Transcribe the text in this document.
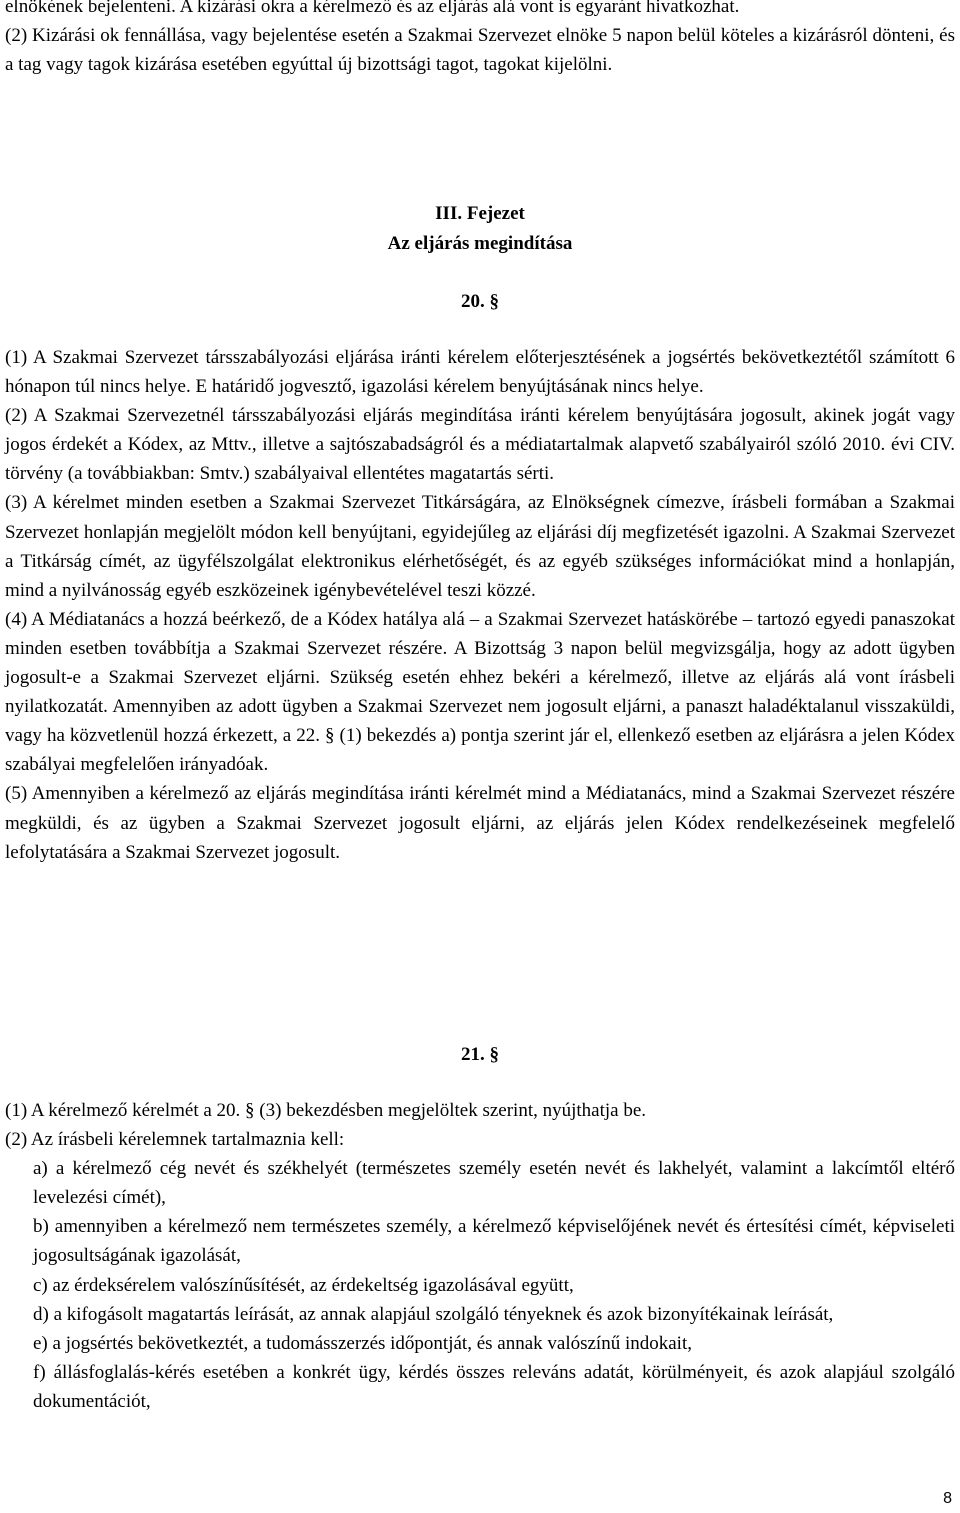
elnökének bejelenteni. A kizárási okra a kérelmező és az eljárás alá vont is egyaránt hivatkozhat.

(2) Kizárási ok fennállása, vagy bejelentése esetén a Szakmai Szervezet elnöke 5 napon belül köteles a kizárásról dönteni, és a tag vagy tagok kizárása esetében egyúttal új bizottsági tagot, tagokat kijelölni.

III. Fejezet
Az eljárás megindítása
20. §

(1) A Szakmai Szervezet társszabályozási eljárása iránti kérelem előterjesztésének a jogsértés bekövetkeztétől számított 6 hónapon túl nincs helye. E határidő jogvesztő, igazolási kérelem benyújtásának nincs helye.

(2) A Szakmai Szervezetnél társszabályozási eljárás megindítása iránti kérelem benyújtására jogosult, akinek jogát vagy jogos érdekét a Kódex, az Mttv., illetve a sajtószabadságról és a médiatartalmak alapvető szabályairól szóló 2010. évi CIV. törvény (a továbbiakban: Smtv.) szabályaival ellentétes magatartás sérti.

(3) A kérelmet minden esetben a Szakmai Szervezet Titkárságára, az Elnökségnek címezve, írásbeli formában a Szakmai Szervezet honlapján megjelölt módon kell benyújtani, egyidejűleg az eljárási díj megfizetését igazolni. A Szakmai Szervezet a Titkárság címét, az ügyfélszolgálat elektronikus elérhetőségét, és az egyéb szükséges információkat mind a honlapján, mind a nyilvánosság egyéb eszközeinek igénybevételével teszi közzé.

(4) A Médiatanács a hozzá beérkező, de a Kódex hatálya alá – a Szakmai Szervezet hatáskörébe – tartozó egyedi panaszokat minden esetben továbbítja a Szakmai Szervezet részére. A Bizottság 3 napon belül megvizsgálja, hogy az adott ügyben jogosult-e a Szakmai Szervezet eljárni. Szükség esetén ehhez bekéri a kérelmező, illetve az eljárás alá vont írásbeli nyilatkozatát. Amennyiben az adott ügyben a Szakmai Szervezet nem jogosult eljárni, a panaszt haladéktalanul visszaküldi, vagy ha közvetlenül hozzá érkezett, a 22. § (1) bekezdés a) pontja szerint jár el, ellenkező esetben az eljárásra a jelen Kódex szabályai megfelelően irányadóak.

(5) Amennyiben a kérelmező az eljárás megindítása iránti kérelmét mind a Médiatanács, mind a Szakmai Szervezet részére megküldi, és az ügyben a Szakmai Szervezet jogosult eljárni, az eljárás jelen Kódex rendelkezéseinek megfelelő lefolytatására a Szakmai Szervezet jogosult.

21. §

(1) A kérelmező kérelmét a 20. § (3) bekezdésben megjelöltek szerint, nyújthatja be.

(2) Az írásbeli kérelemnek tartalmaznia kell:

a) a kérelmező cég nevét és székhelyét (természetes személy esetén nevét és lakhelyét, valamint a lakcímtől eltérő levelezési címét),

b) amennyiben a kérelmező nem természetes személy, a kérelmező képviselőjének nevét és értesítési címét, képviseleti jogosultságának igazolását,

c) az érdeksérelem valószínűsítését, az érdekeltség igazolásával együtt,

d) a kifogásolt magatartás leírását, az annak alapjául szolgáló tényeknek és azok bizonyítékainak leírását,

e) a jogsértés bekövetkeztét, a tudomásszerzés időpontját, és annak valószínű indokait,

f) állásfoglalás-kérés esetében a konkrét ügy, kérdés összes releváns adatát, körülményeit, és azok alapjául szolgáló dokumentációt,

8
